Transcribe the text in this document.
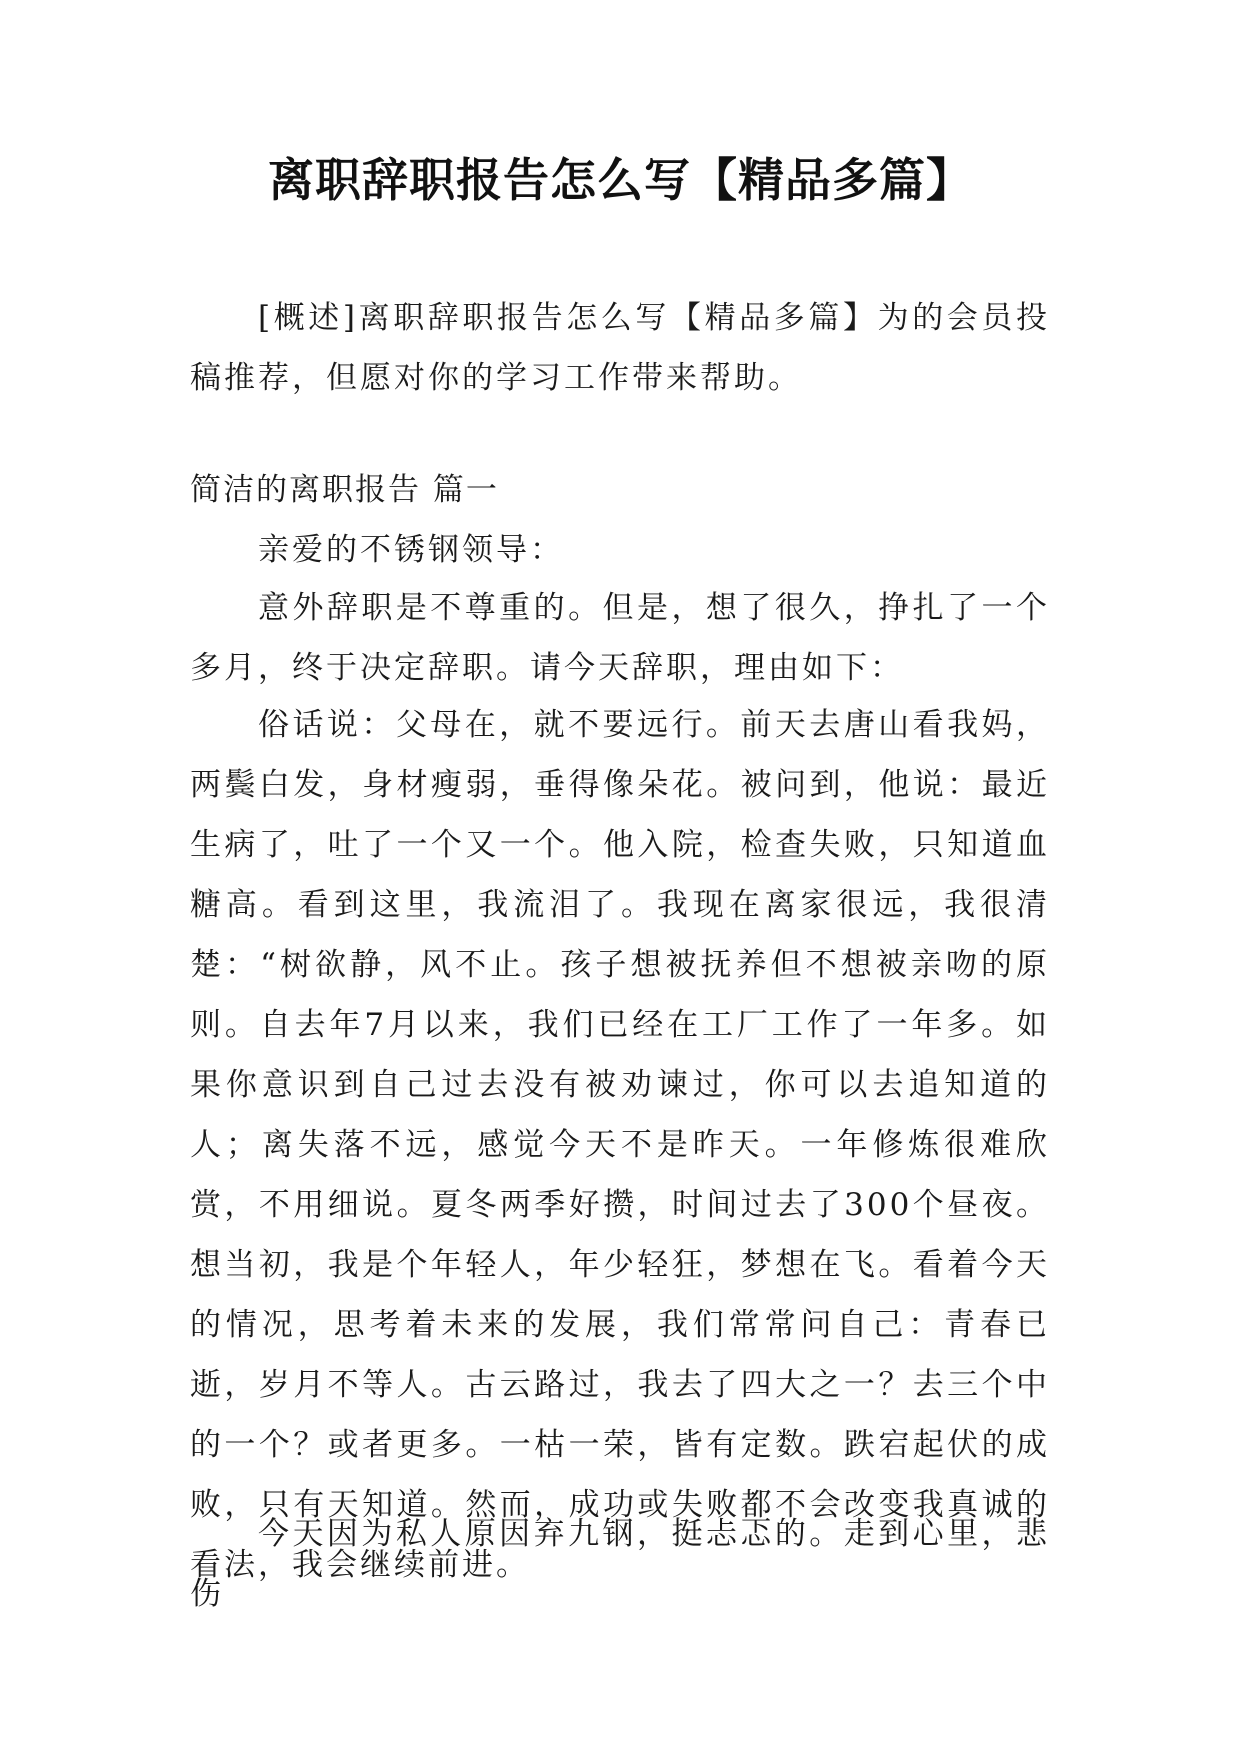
离职辞职报告怎么写【精品多篇】

[概述]离职辞职报告怎么写【精品多篇】为的会员投稿推荐，但愿对你的学习工作带来帮助。

简洁的离职报告 篇一

亲爱的不锈钢领导：

意外辞职是不尊重的。但是，想了很久，挣扎了一个多月，终于决定辞职。请今天辞职，理由如下：

俗话说：父母在，就不要远行。前天去唐山看我妈，两鬓白发，身材瘦弱，垂得像朵花。被问到，他说：最近生病了，吐了一个又一个。他入院，检查失败，只知道血糖高。看到这里，我流泪了。我现在离家很远，我很清楚：“树欲静，风不止。孩子想被抚养但不想被亲吻的原则。自去年7月以来，我们已经在工厂工作了一年多。如果你意识到自己过去没有被劝谏过，你可以去追知道的人；离失落不远，感觉今天不是昨天。一年修炼很难欣赏，不用细说。夏冬两季好攒，时间过去了300个昼夜。想当初，我是个年轻人，年少轻狂，梦想在飞。看着今天的情况，思考着未来的发展，我们常常问自己：青春已逝，岁月不等人。古云路过，我去了四大之一？去三个中的一个？或者更多。一枯一荣，皆有定数。跌宕起伏的成败，只有天知道。然而，成功或失败都不会改变我真诚的看法，我会继续前进。

今天因为私人原因弃九钢，挺忐忑的。走到心里，悲伤
